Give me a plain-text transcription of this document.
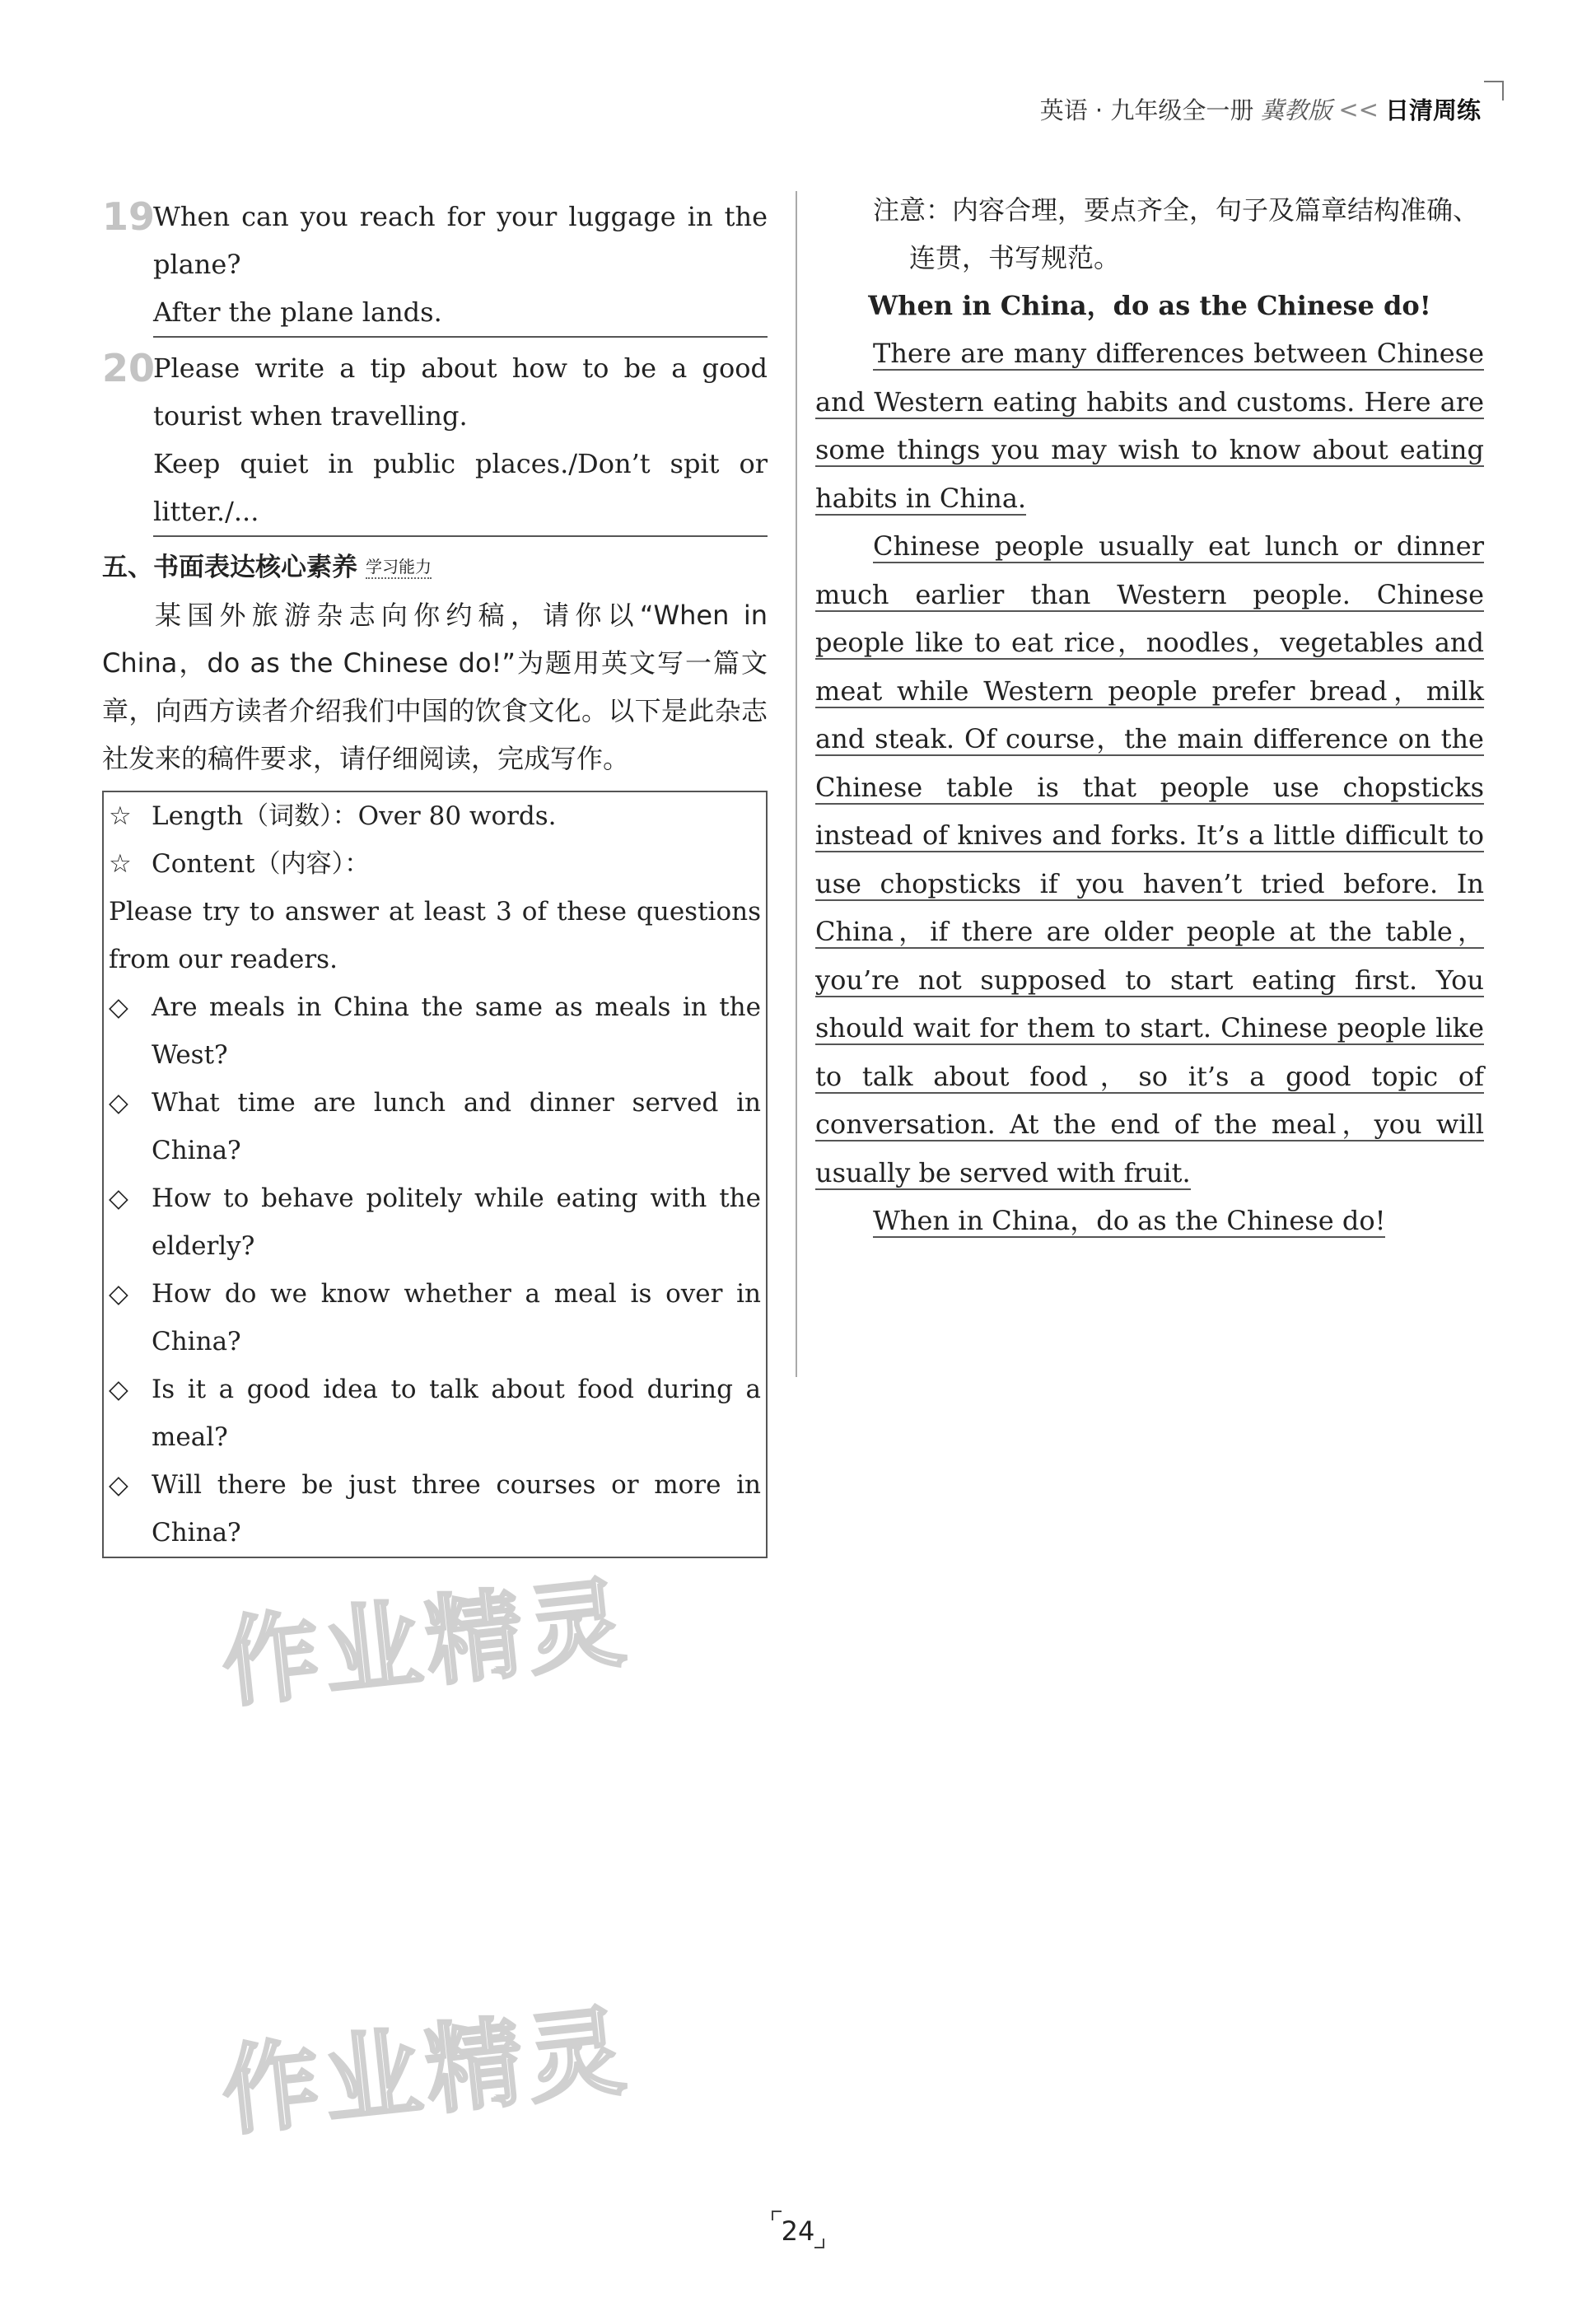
英语 · 九年级全一册 冀教版 << 日清周练
19
When can you reach for your luggage in the plane?
After the plane lands.
20
Please write a tip about how to be a good tourist when travelling.
Keep quiet in public places./Don’t spit or litter./...
五、书面表达核心素养 学习能力
某国外旅游杂志向你约稿，请你以“When in China，do as the Chinese do!”为题用英文写一篇文章，向西方读者介绍我们中国的饮食文化。以下是此杂志社发来的稿件要求，请仔细阅读，完成写作。
☆ Length（词数）：Over 80 words.
☆ Content（内容）：
Please try to answer at least 3 of these questions from our readers.
◇ Are meals in China the same as meals in the West?
◇ What time are lunch and dinner served in China?
◇ How to behave politely while eating with the elderly?
◇ How do we know whether a meal is over in China?
◇ Is it a good idea to talk about food during a meal?
◇ Will there be just three courses or more in China?
注意：内容合理，要点齐全，句子及篇章结构准确、
连贯，书写规范。
When in China，do as the Chinese do!

There are many differences between Chinese and Western eating habits and customs. Here are some things you may wish to know about eating habits in China.

Chinese people usually eat lunch or dinner much earlier than Western people. Chinese people like to eat rice，noodles，vegetables and meat while Western people prefer bread，milk and steak. Of course，the main difference on the Chinese table is that people use chopsticks instead of knives and forks. It’s a little difficult to use chopsticks if you haven’t tried before. In China，if there are older people at the table，you’re not supposed to start eating first. You should wait for them to start. Chinese people like to talk about food，so it’s a good topic of conversation. At the end of the meal，you will usually be served with fruit.

When in China，do as the Chinese do!

作业精灵
作业精灵
24
